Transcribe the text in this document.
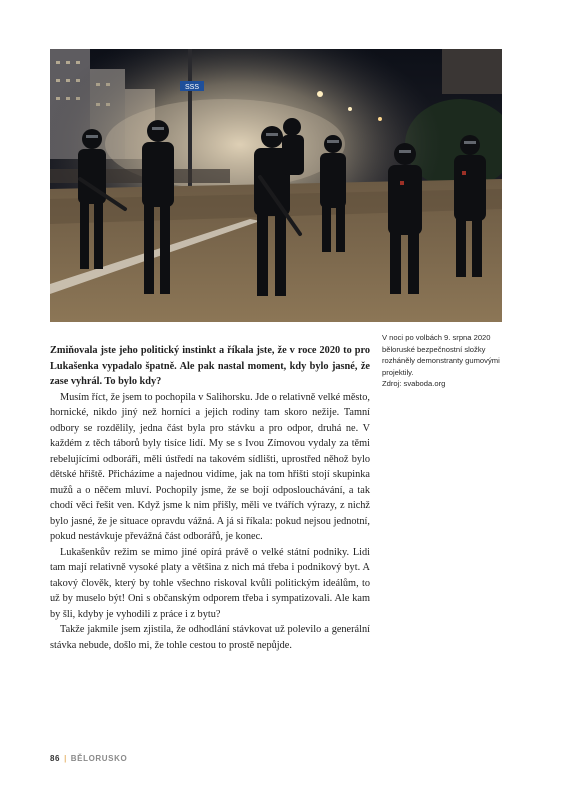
SSS

V noci po volbách 9. srpna 2020 běloruské bezpečnostní složky rozháněly demonstranty gumovými projektily.

Zdroj: svaboda.org

Zmiňovala jste jeho politický instinkt a říkala jste, že v roce 2020 to pro Lukašenka vypadalo špatně. Ale pak nastal moment, kdy bylo jasné, že zase vyhrál. To bylo kdy?

Musím říct, že jsem to pochopila v Salihorsku. Jde o relativně velké město, hornické, nikdo jiný než horníci a jejich rodiny tam skoro nežije. Tamní odbory se rozdělily, jedna část byla pro stávku a pro odpor, druhá ne. V každém z těch táborů byly tisíce lidí. My se s Ivou Zímovou vydaly za těmi rebelujícími odboráři, měli ústředí na takovém sídlišti, uprostřed něhož bylo dětské hřiště. Přicházíme a najednou vidíme, jak na tom hřišti stojí skupinka mužů a o něčem mluví. Pochopily jsme, že se bojí odposlouchávání, a tak chodí věci řešit ven. Když jsme k nim přišly, měli ve tvářích výrazy, z nichž bylo jasné, že je situace opravdu vážná. A já si říkala: pokud nejsou jednotní, pokud nestávkuje převážná část odborářů, je konec.

Lukašenkův režim se mimo jiné opírá právě o velké státní podniky. Lidi tam mají relativně vysoké platy a většina z nich má třeba i podnikový byt. A takový člověk, který by tohle všechno riskoval kvůli politickým ideálům, to už by muselo být! Oni s občanským odporem třeba i sympatizovali. Ale kam by šli, kdyby je vyhodili z práce i z bytu?

Takže jakmile jsem zjistila, že odhodlání stávkovat už polevilo a generální stávka nebude, došlo mi, že tohle cestou to prostě nepůjde.

86 | BĚLORUSKO
